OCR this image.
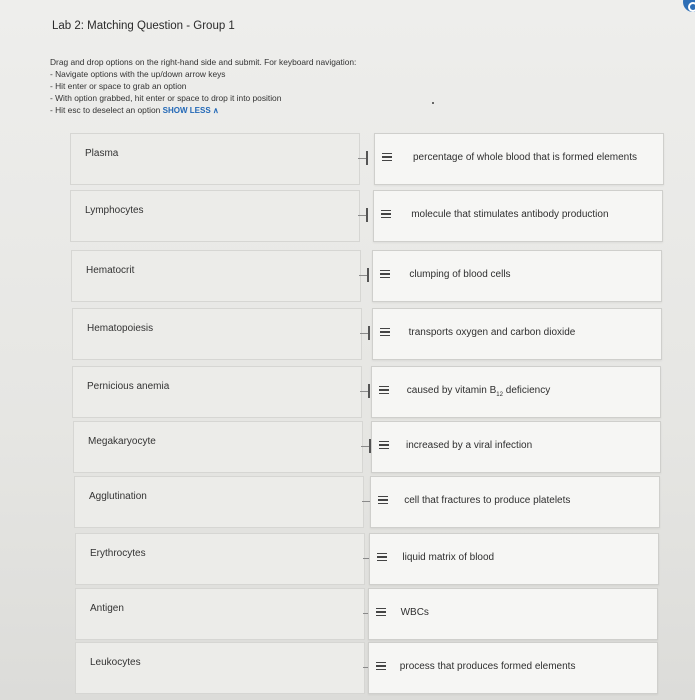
Lab 2: Matching Question - Group 1
Drag and drop options on the right-hand side and submit. For keyboard navigation:
- Navigate options with the up/down arrow keys
- Hit enter or space to grab an option
- With option grabbed, hit enter or space to drop it into position
- Hit esc to deselect an option SHOW LESS ∧
Plasma	percentage of whole blood that is formed elements
Lymphocytes	molecule that stimulates antibody production
Hematocrit	clumping of blood cells
Hematopoiesis	transports oxygen and carbon dioxide
Pernicious anemia	caused by vitamin $B_{12}$ deficiency
Megakaryocyte	increased by a viral infection
Agglutination	cell that fractures to produce platelets
Erythrocytes	liquid matrix of blood
Antigen	WBCs
Leukocytes	process that produces formed elements
